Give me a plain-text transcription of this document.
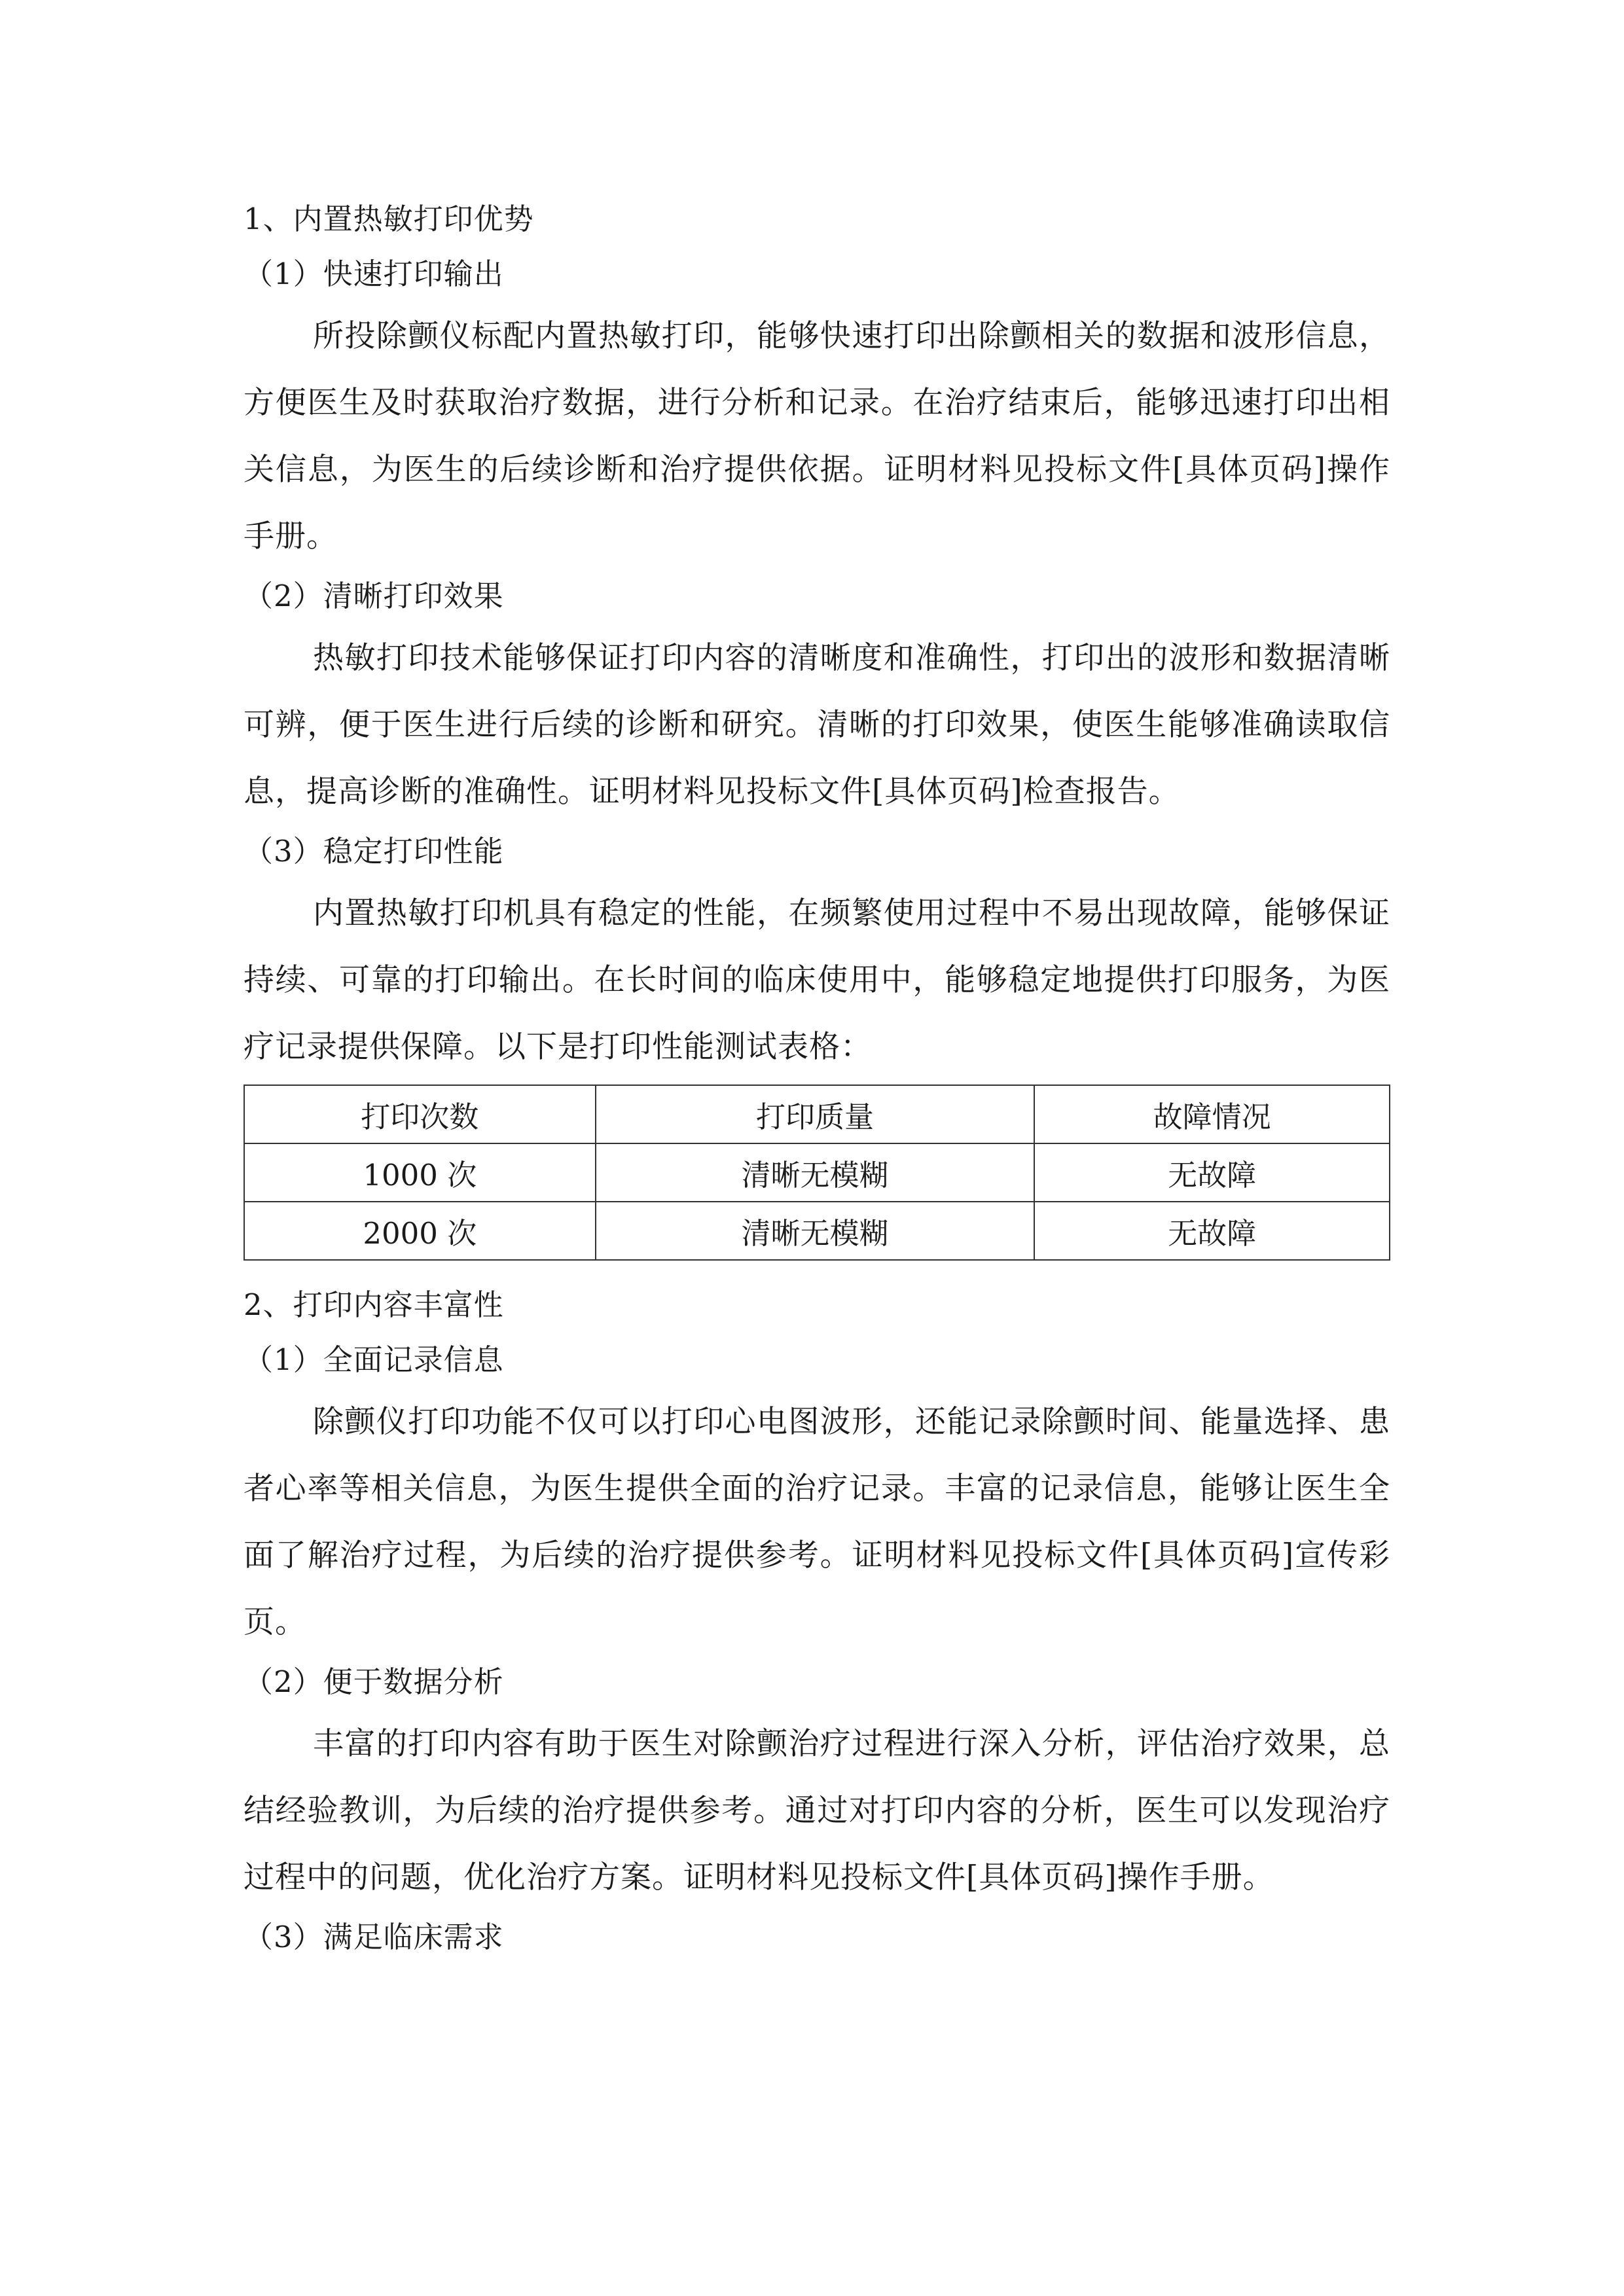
1、内置热敏打印优势

（1）快速打印输出

所投除颤仪标配内置热敏打印，能够快速打印出除颤相关的数据和波形信息，方便医生及时获取治疗数据，进行分析和记录。在治疗结束后，能够迅速打印出相关信息，为医生的后续诊断和治疗提供依据。证明材料见投标文件[具体页码]操作手册。

（2）清晰打印效果

热敏打印技术能够保证打印内容的清晰度和准确性，打印出的波形和数据清晰可辨，便于医生进行后续的诊断和研究。清晰的打印效果，使医生能够准确读取信息，提高诊断的准确性。证明材料见投标文件[具体页码]检查报告。

（3）稳定打印性能

内置热敏打印机具有稳定的性能，在频繁使用过程中不易出现故障，能够保证持续、可靠的打印输出。在长时间的临床使用中，能够稳定地提供打印服务，为医疗记录提供保障。以下是打印性能测试表格：

打印次数	打印质量	故障情况
1000 次	清晰无模糊	无故障
2000 次	清晰无模糊	无故障

2、打印内容丰富性

（1）全面记录信息

除颤仪打印功能不仅可以打印心电图波形，还能记录除颤时间、能量选择、患者心率等相关信息，为医生提供全面的治疗记录。丰富的记录信息，能够让医生全面了解治疗过程，为后续的治疗提供参考。证明材料见投标文件[具体页码]宣传彩页。

（2）便于数据分析

丰富的打印内容有助于医生对除颤治疗过程进行深入分析，评估治疗效果，总结经验教训，为后续的治疗提供参考。通过对打印内容的分析，医生可以发现治疗过程中的问题，优化治疗方案。证明材料见投标文件[具体页码]操作手册。

（3）满足临床需求
